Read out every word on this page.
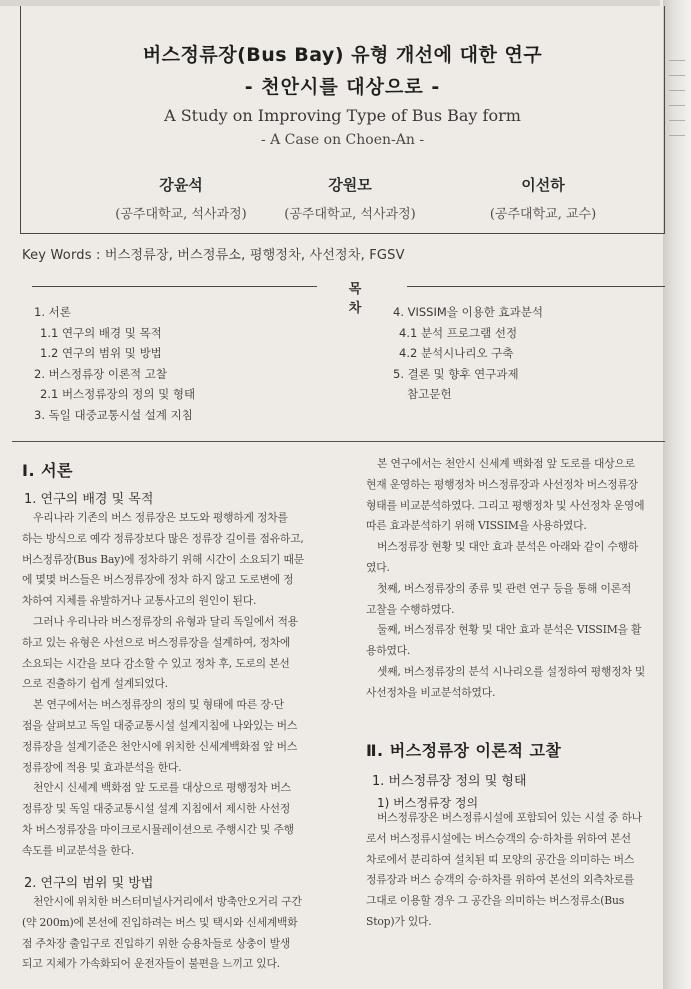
버스정류장(Bus Bay) 유형 개선에 대한 연구
- 천안시를 대상으로 -
A Study on Improving Type of Bus Bay form
- A Case on Choen-An -
강윤석
(공주대학교, 석사과정)
강원모
(공주대학교, 석사과정)
이선하
(공주대학교, 교수)
Key Words : 버스정류장, 버스정류소, 평행정차, 사선정차, FGSV
목 차
1. 서론
1.1 연구의 배경 및 목적
1.2 연구의 범위 및 방법
2. 버스정류장 이론적 고찰
2.1 버스정류장의 정의 및 형태
3. 독일 대중교통시설 설계 지침
4. VISSIM을 이용한 효과분석
4.1 분석 프로그램 선정
4.2 분석시나리오 구축
5. 결론 및 향후 연구과제
참고문헌
Ⅰ. 서론
1. 연구의 배경 및 목적
우리나라 기존의 버스 정류장은 보도와 평행하게 정차를
하는 방식으로 예각 정류장보다 많은 정류장 길이를 점유하고,
버스정류장(Bus Bay)에 정차하기 위해 시간이 소요되기 때문
에 몇몇 버스들은 버스정류장에 정차 하지 않고 도로변에 정
차하여 지체를 유발하거나 교통사고의 원인이 된다.
그러나 우리나라 버스정류장의 유형과 달리 독일에서 적용
하고 있는 유형은 사선으로 버스정류장을 설계하여, 정차에
소요되는 시간을 보다 감소할 수 있고 정차 후, 도로의 본선
으로 진출하기 쉽게 설계되었다.
본 연구에서는 버스정류장의 정의 및 형태에 따른 장·단
점을 살펴보고 독일 대중교통시설 설계지침에 나와있는 버스
정류장을 설계기준은 천안시에 위치한 신세계백화점 앞 버스
정류장에 적용 및 효과분석을 한다.
천안시 신세계 백화점 앞 도로를 대상으로 평행정차 버스
정류장 및 독일 대중교통시설 설계 지침에서 제시한 사선정
차 버스정류장을 마이크로시뮬레이션으로 주행시간 및 주행
속도를 비교분석을 한다.
2. 연구의 범위 및 방법
천안시에 위치한 버스터미널사거리에서 방축안오거리 구간
(약 200m)에 본선에 진입하려는 버스 및 택시와 신세계백화
점 주차장 출입구로 진입하기 위한 승용차들로 상충이 발생
되고 지체가 가속화되어 운전자들이 불편을 느끼고 있다.
본 연구에서는 천안시 신세계 백화점 앞 도로를 대상으로
현재 운영하는 평행정차 버스정류장과 사선정차 버스정류장
형태를 비교분석하였다. 그리고 평행정차 및 사선정차 운영에
따른 효과분석하기 위해 VISSIM을 사용하였다.
버스정류장 현황 및 대안 효과 분석은 아래와 같이 수행하
였다.
첫째, 버스정류장의 종류 및 관련 연구 등을 통해 이론적
고찰을 수행하였다.
둘째, 버스정류장 현황 및 대안 효과 분석은 VISSIM을 활
용하였다.
셋째, 버스정류장의 분석 시나리오를 설정하여 평행정차 및
사선정차을 비교분석하였다.
Ⅱ. 버스정류장 이론적 고찰
1. 버스정류장 정의 및 형태
1) 버스정류장 정의
버스정류장은 버스정류시설에 포함되어 있는 시설 중 하나
로서 버스정류시설에는 버스승객의 승·하차를 위하여 본선
차로에서 분리하여 설치된 띠 모양의 공간을 의미하는 버스
정류장과 버스 승객의 승·하차를 위하여 본선의 외측차로를
그대로 이용할 경우 그 공간을 의미하는 버스정류소(Bus
Stop)가 있다.
